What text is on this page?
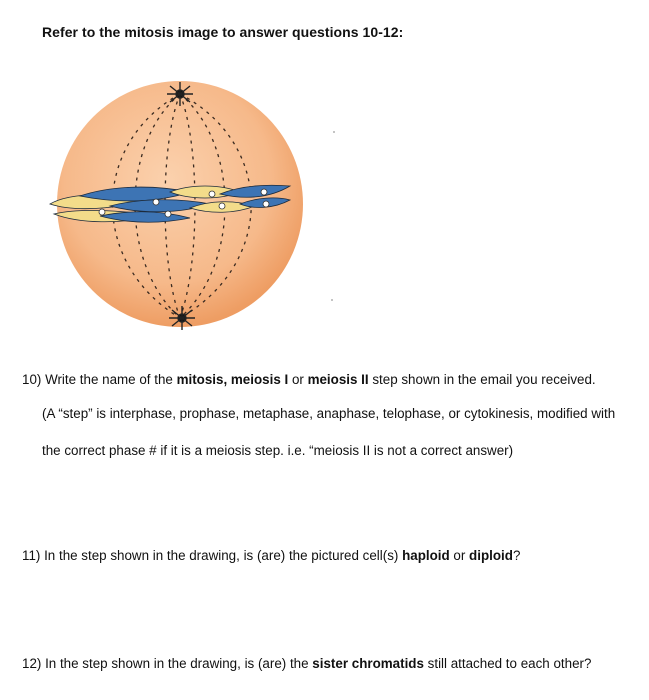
Refer to the mitosis image to answer questions 10-12:
10) Write the name of the mitosis, meiosis I or meiosis II step shown in the email you received.
(A “step” is interphase, prophase, metaphase, anaphase, telophase, or cytokinesis, modified with
the correct phase # if it is a meiosis step. i.e. “meiosis II is not a correct answer)
11) In the step shown in the drawing, is (are) the pictured cell(s) haploid or diploid?
12) In the step shown in the drawing, is (are) the sister chromatids still attached to each other?
